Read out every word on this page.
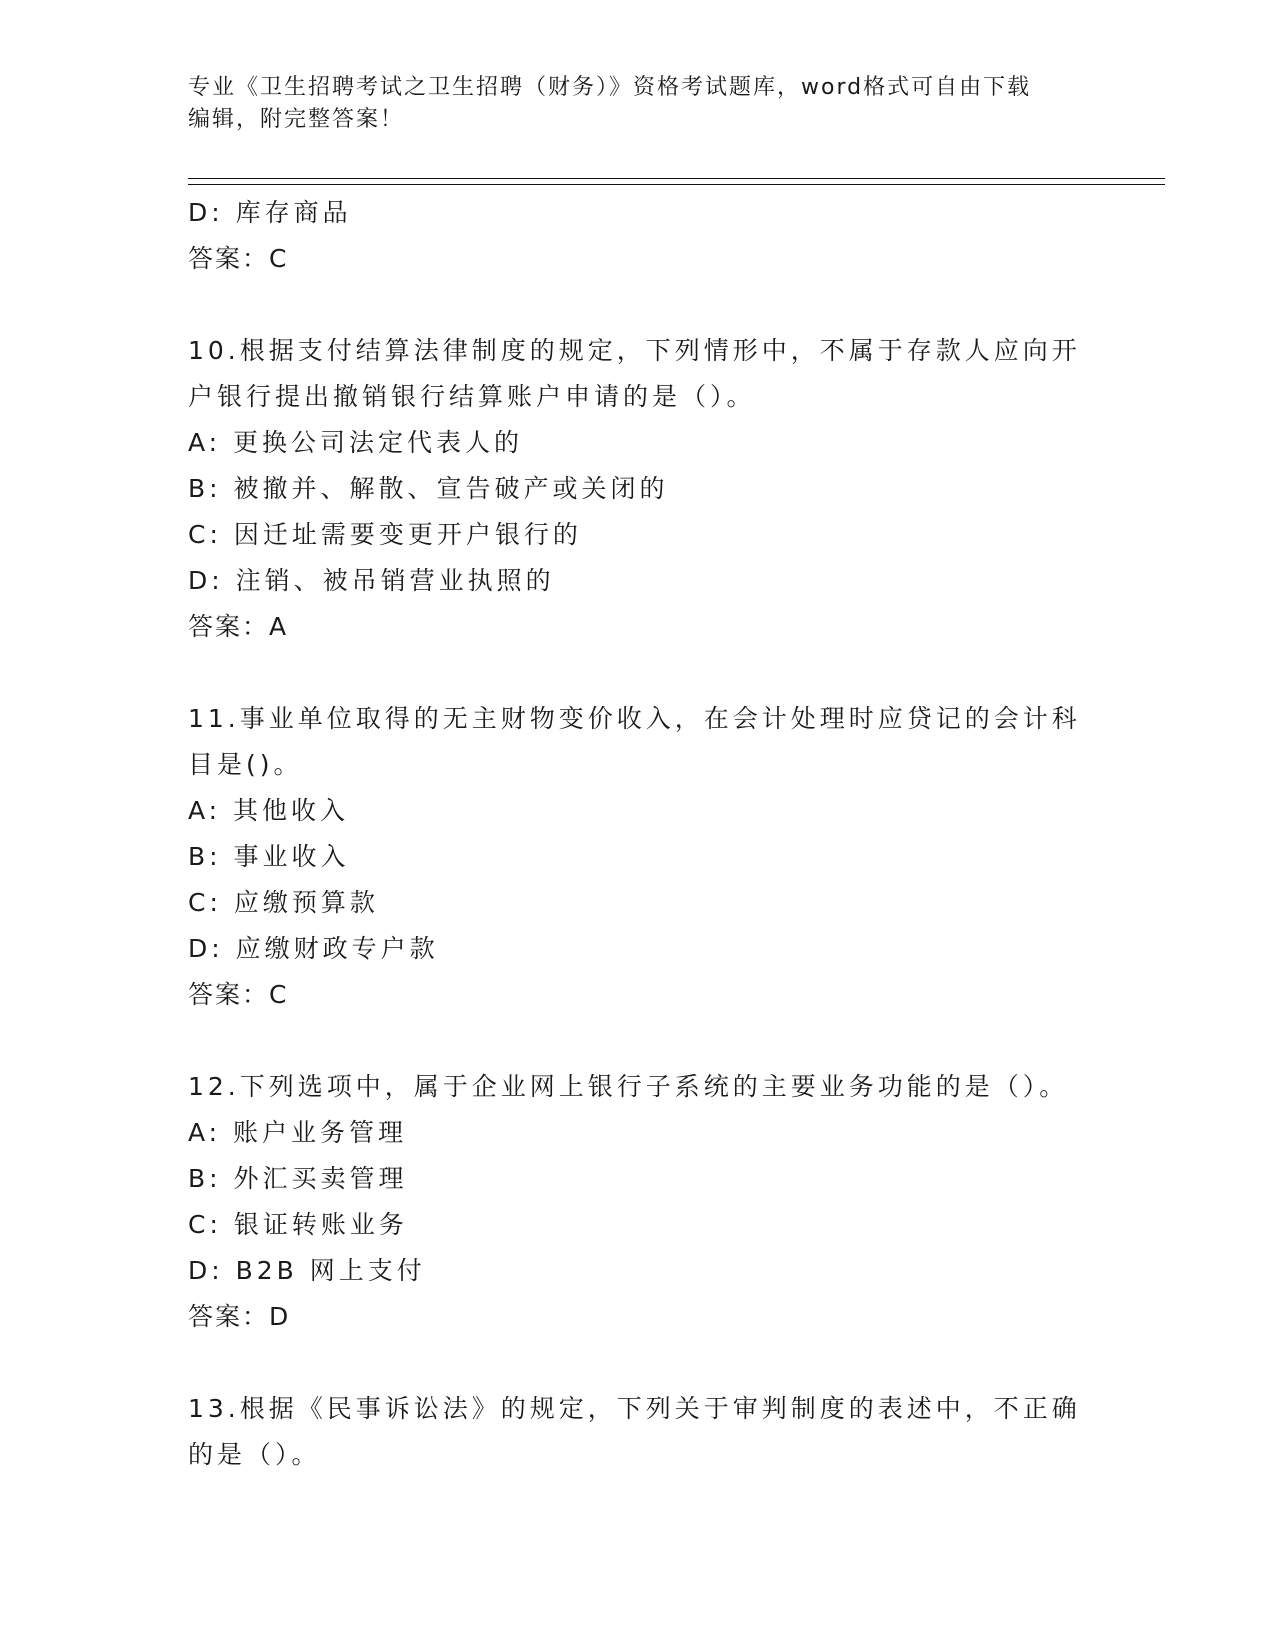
专业《卫生招聘考试之卫生招聘（财务）》资格考试题库，word格式可自由下载
编辑，附完整答案！
D: 库存商品
答案：C
10.根据支付结算法律制度的规定，下列情形中，不属于存款人应向开
户银行提出撤销银行结算账户申请的是（）。
A: 更换公司法定代表人的
B: 被撤并、解散、宣告破产或关闭的
C: 因迁址需要变更开户银行的
D: 注销、被吊销营业执照的
答案：A
11.事业单位取得的无主财物变价收入，在会计处理时应贷记的会计科
目是()。
A: 其他收入
B: 事业收入
C: 应缴预算款
D: 应缴财政专户款
答案：C
12.下列选项中，属于企业网上银行子系统的主要业务功能的是（）。
A: 账户业务管理
B: 外汇买卖管理
C: 银证转账业务
D: B2B 网上支付
答案：D
13.根据《民事诉讼法》的规定，下列关于审判制度的表述中，不正确
的是（）。
